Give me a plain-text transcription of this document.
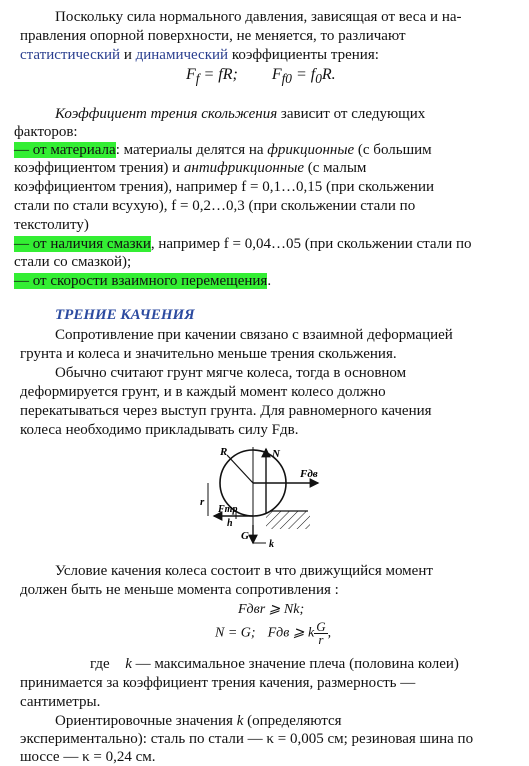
Поскольку сила нормального давления, зависящая от веса и на-
правления опорной поверхности, не меняется, то различают
статистический и динамический коэффициенты трения:
$F_f$ = fR; $F_{f0} = f_0R$.
Коэффициент трения скольжения зависит от следующих
факторов:
— от материала: материалы делятся на фрикционные (с большим
коэффициентом трения) и антифрикционные (с малым
коэффициентом трения), например f = 0,1…0,15 (при скольжении
стали по стали всухую), f = 0,2…0,3 (при скольжении стали по
текстолиту)
— от наличия смазки, например f = 0,04…05 (при скольжении стали по
стали со смазкой);
— от скорости взаимного перемещения.
ТРЕНИЕ КАЧЕНИЯ
Сопротивление при качении связано с взаимной деформацией
грунта и колеса и значительно меньше трения скольжения.
Обычно считают грунт мягче колеса, тогда в основном
деформируется грунт, и в каждый момент колесо должно
перекатываться через выступ грунта. Для равномерного качения
колеса необходимо прикладывать силу Fдв.
R	N
Fдв
Fтр
r
h
G
k
Условие качения колеса состоит в что движущийся момент
должен быть не меньше момента сопротивления :
Fдвr ⩾ Nk;
N = G; Fдв ⩾ k $\frac{G}{r}$ ,
где k — максимальное значение плеча (половина колеи)
принимается за коэффициент трения качения, размерность —
сантиметры.
Ориентировочные значения k (определяются
экспериментально): сталь по стали — κ = 0,005 см; резиновая шина по
шоссе — κ = 0,24 см.
